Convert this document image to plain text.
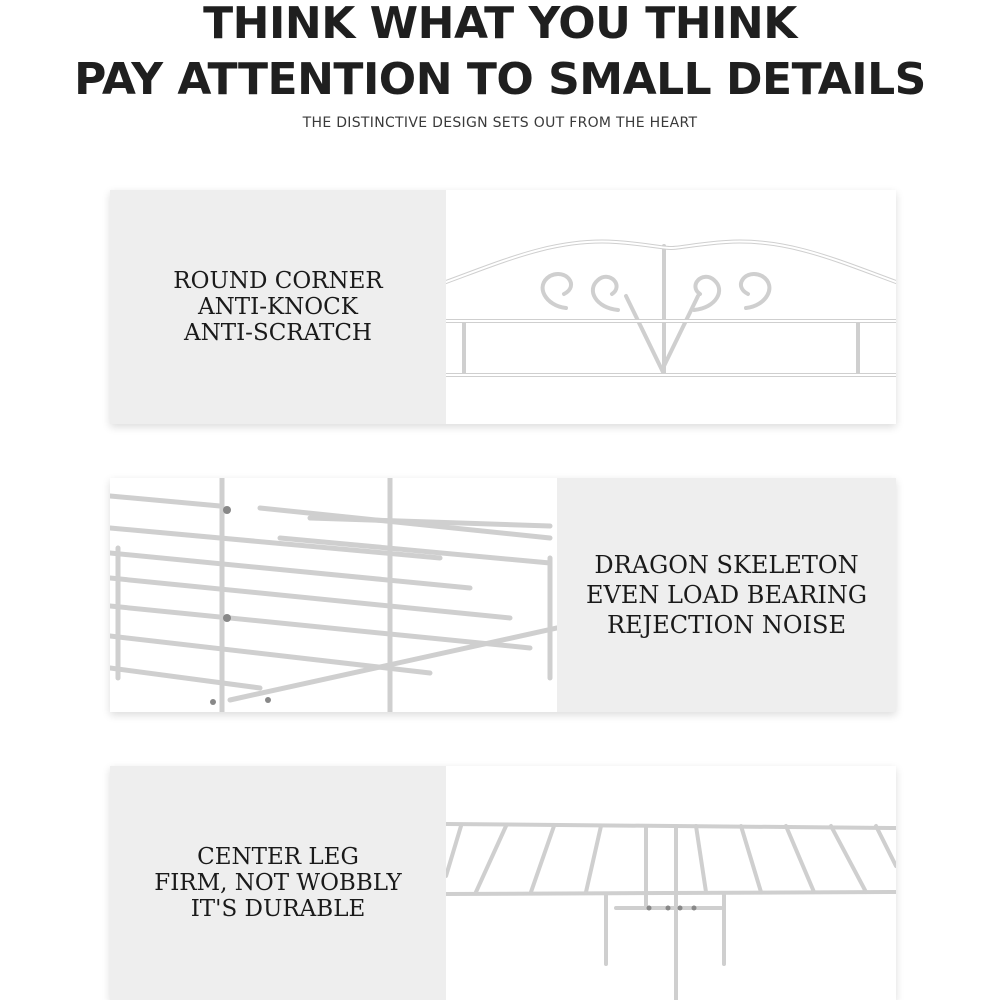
THINK WHAT YOU THINK
PAY ATTENTION TO SMALL DETAILS
THE DISTINCTIVE DESIGN SETS OUT FROM THE HEART
ROUND CORNER
ANTI-KNOCK
ANTI-SCRATCH
DRAGON SKELETON
EVEN LOAD BEARING
REJECTION NOISE
CENTER LEG
FIRM, NOT WOBBLY
IT'S DURABLE
